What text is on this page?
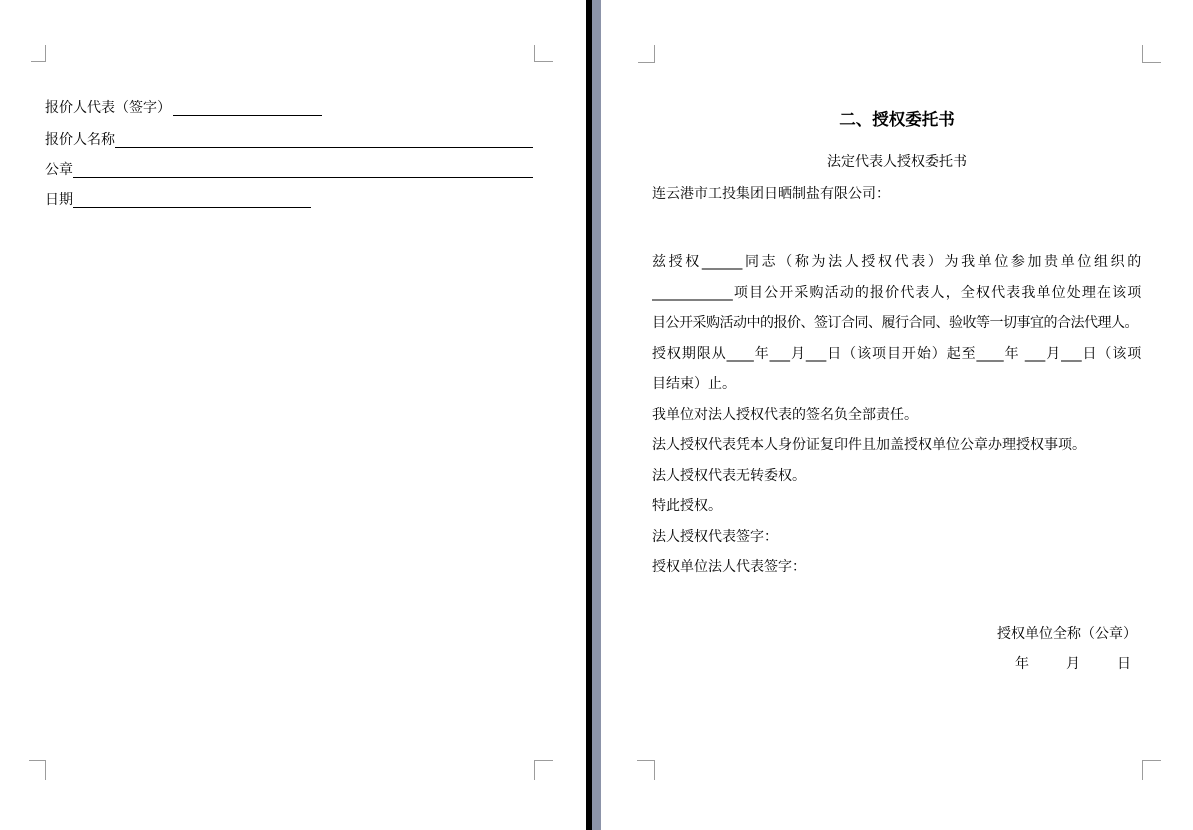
报价人代表（签字）
报价人名称
公章
日期
二、授权委托书
法定代表人授权委托书
连云港市工投集团日晒制盐有限公司：
兹授权______同志（称为法人授权代表）为我单位参加贵单位组织的
____________项目公开采购活动的报价代表人，全权代表我单位处理在该项
目公开采购活动中的报价、签订合同、履行合同、验收等一切事宜的合法代理人。
授权期限从____年___月___日（该项目开始）起至____年 ___月___日（该项
目结束）止。
我单位对法人授权代表的签名负全部责任。
法人授权代表凭本人身份证复印件且加盖授权单位公章办理授权事项。
法人授权代表无转委权。
特此授权。
法人授权代表签字：
授权单位法人代表签字：
授权单位全称（公章）
年	月	日
